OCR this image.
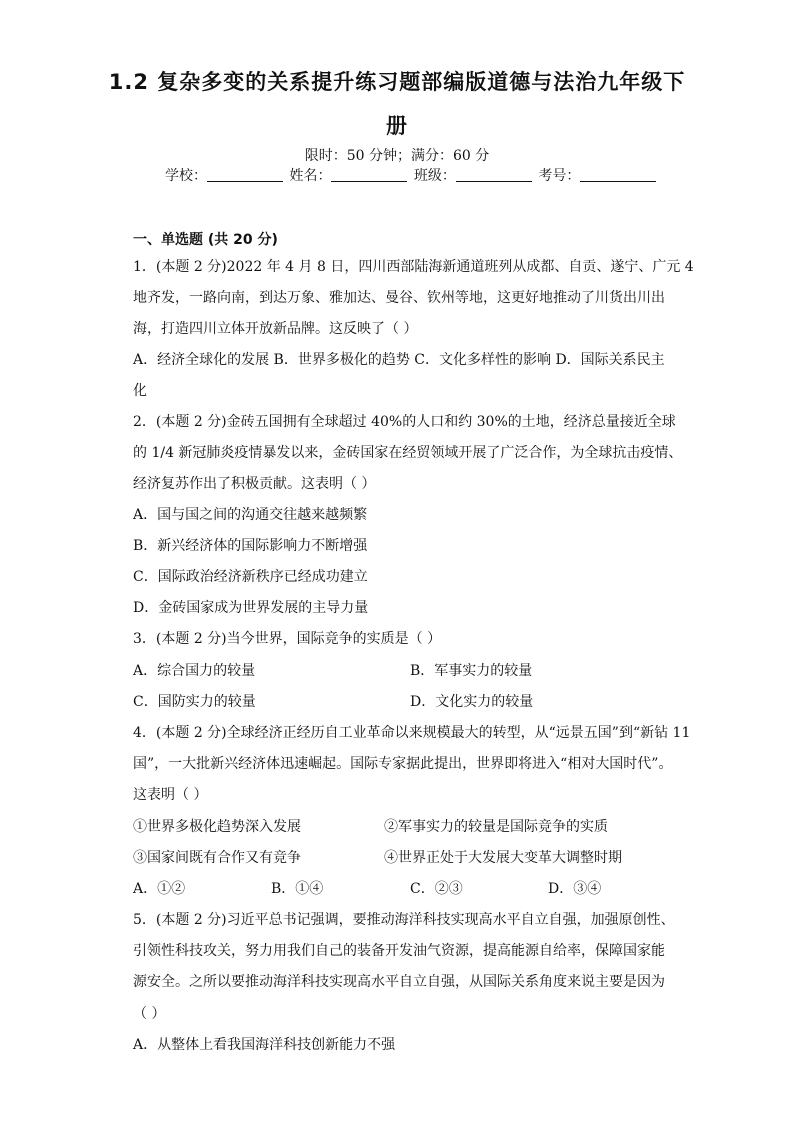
1.2 复杂多变的关系提升练习题部编版道德与法治九年级下
册
限时：50 分钟；满分：60 分
学校：	姓名：	班级：	考号：
一、单选题 (共 20 分)
1．(本题 2 分)2022 年 4 月 8 日，四川西部陆海新通道班列从成都、自贡、遂宁、广元 4
地齐发，一路向南，到达万象、雅加达、曼谷、钦州等地，这更好地推动了川货出川出
海，打造四川立体开放新品牌。这反映了（ ）
A．经济全球化的发展 B．世界多极化的趋势 C．文化多样性的影响 D．国际关系民主
化
2．(本题 2 分)金砖五国拥有全球超过 40%的人口和约 30%的土地，经济总量接近全球
的 1/4 新冠肺炎疫情暴发以来，金砖国家在经贸领域开展了广泛合作，为全球抗击疫情、
经济复苏作出了积极贡献。这表明（ ）
A．国与国之间的沟通交往越来越频繁
B．新兴经济体的国际影响力不断增强
C．国际政治经济新秩序已经成功建立
D．金砖国家成为世界发展的主导力量
3．(本题 2 分)当今世界，国际竞争的实质是（ ）
A．综合国力的较量	B．军事实力的较量
C．国防实力的较量	D．文化实力的较量
4．(本题 2 分)全球经济正经历自工业革命以来规模最大的转型，从“远景五国”到“新钻 11
国”，一大批新兴经济体迅速崛起。国际专家据此提出，世界即将进入“相对大国时代”。
这表明（ ）
①世界多极化趋势深入发展	②军事实力的较量是国际竞争的实质
③国家间既有合作又有竞争	④世界正处于大发展大变革大调整时期
A．①②	B．①④	C．②③	D．③④
5．(本题 2 分)习近平总书记强调，要推动海洋科技实现高水平自立自强，加强原创性、
引领性科技攻关，努力用我们自己的装备开发油气资源，提高能源自给率，保障国家能
源安全。之所以要推动海洋科技实现高水平自立自强，从国际关系角度来说主要是因为
（ ）
A．从整体上看我国海洋科技创新能力不强
